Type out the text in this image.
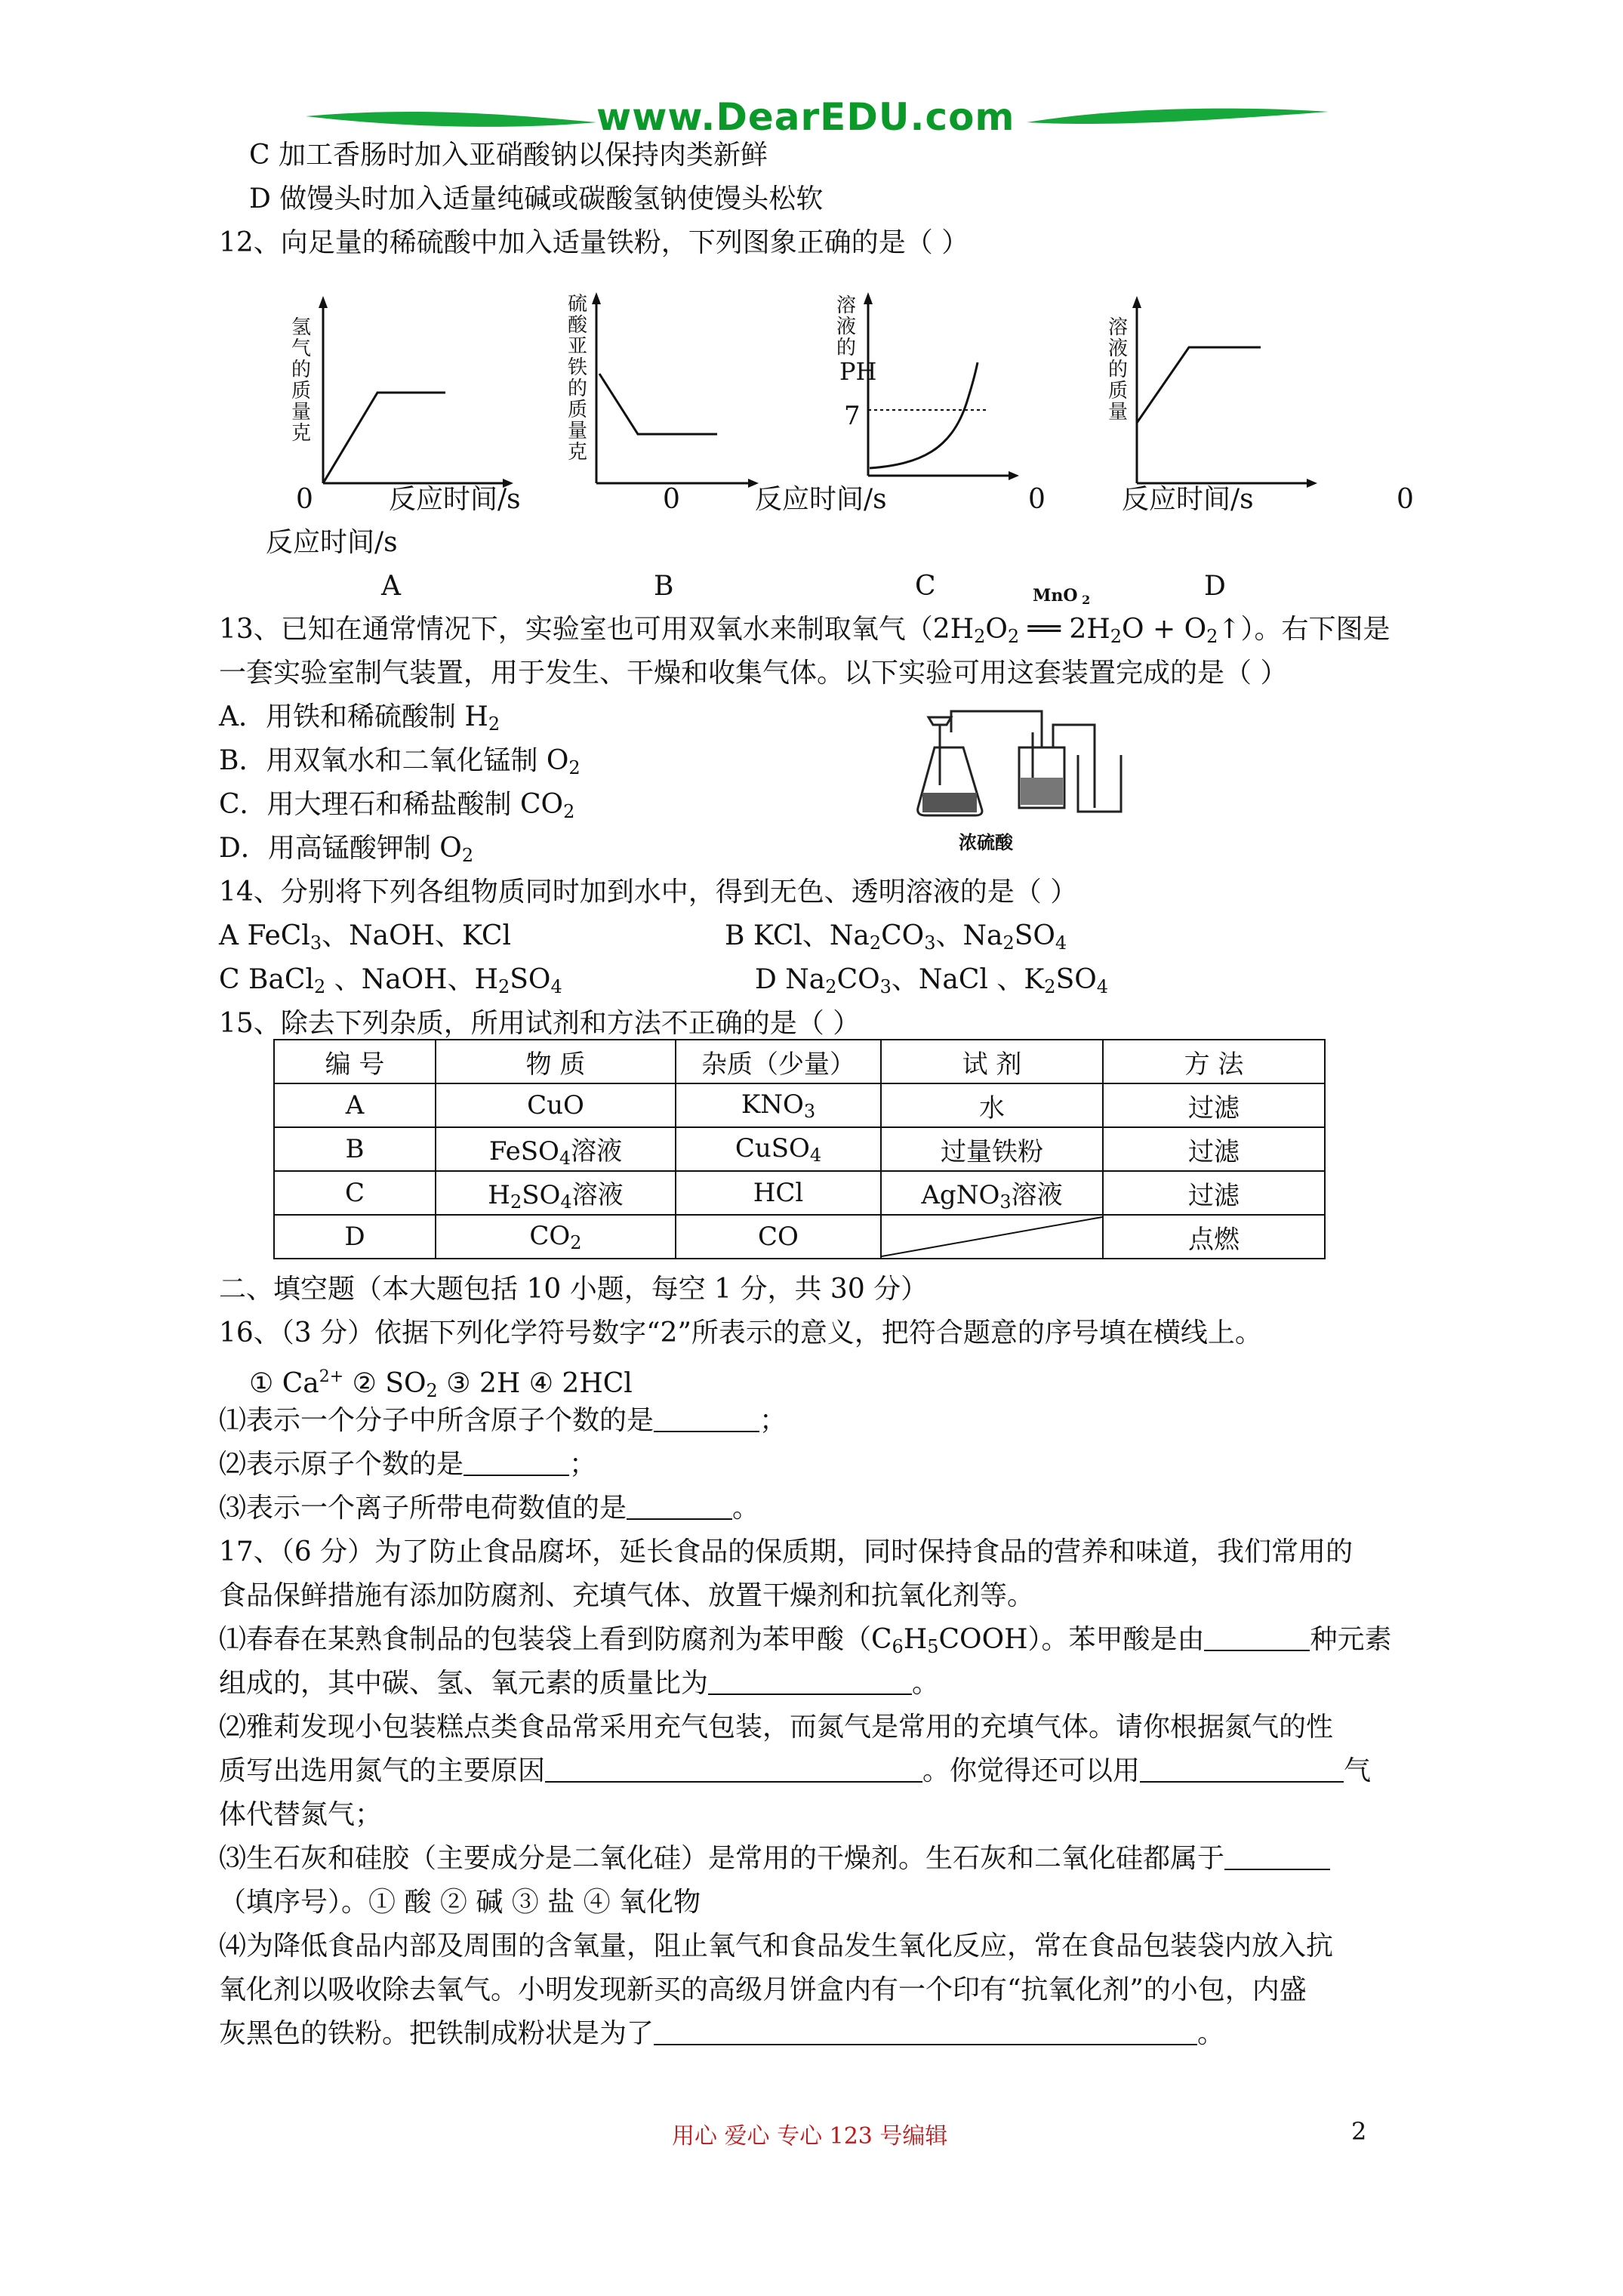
www.DearEDU.com
C 加工香肠时加入亚硝酸钠以保持肉类新鲜
D 做馒头时加入适量纯碱或碳酸氢钠使馒头松软
12、向足量的稀硫酸中加入适量铁粉，下列图象正确的是（ ）
氢气的质量克
硫酸亚铁的质量克
溶液的
PH
7
溶液的质量
0	反应时间/s	0	反应时间/s	0	反应时间/s	0
反应时间/s
A	B	C	D
MnO 2
13、已知在通常情况下，实验室也可用双氧水来制取氧气（$2H_2O_2$ ══ $2H_2O$ + $O_2↑$）。右下图是
一套实验室制气装置，用于发生、干燥和收集气体。以下实验可用这套装置完成的是（ ）
A．用铁和稀硫酸制 $H_2$
B．用双氧水和二氧化锰制 $O_2$
C．用大理石和稀盐酸制 $CO_2$
D．用高锰酸钾制 $O_2$
浓硫酸
14、分别将下列各组物质同时加到水中，得到无色、透明溶液的是（ ）
A FeCl$_3$、NaOH、KCl	B KCl、$Na_2CO_3$、$Na_2SO_4$
C BaCl$_2$ 、NaOH、$H_2SO_4$	D $Na_2CO_3$、NaCl 、$K_2SO_4$
15、除去下列杂质，所用试剂和方法不正确的是（ ）
编 号	物 质	杂质（少量）	试 剂	方 法
A	CuO	$KNO_3$	水	过滤
B	FeSO$_4$溶液	CuSO$_4$	过量铁粉	过滤
C	$H_2SO_4$溶液	HCl	AgNO$_3$溶液	过滤
D	$CO_2$	CO		点燃
二、填空题（本大题包括 10 小题，每空 1 分，共 30 分）
16、（3 分）依据下列化学符号数字“2”所表示的意义，把符合题意的序号填在横线上。
① $Ca^{2+}$ ② $SO_2$ ③ 2H ④ 2HCl
⑴表示一个分子中所含原子个数的是	；
⑵表示原子个数的是	；
⑶表示一个离子所带电荷数值的是	。
17、（6 分）为了防止食品腐坏，延长食品的保质期，同时保持食品的营养和味道，我们常用的
食品保鲜措施有添加防腐剂、充填气体、放置干燥剂和抗氧化剂等。
⑴春春在某熟食制品的包装袋上看到防腐剂为苯甲酸$(C_6H_5COOH)$。苯甲酸是由	种元素
组成的，其中碳、氢、氧元素的质量比为	。
⑵雅莉发现小包装糕点类食品常采用充气包装，而氮气是常用的充填气体。请你根据氮气的性
质写出选用氮气的主要原因	。你觉得还可以用	气
体代替氮气；
⑶生石灰和硅胶（主要成分是二氧化硅）是常用的干燥剂。生石灰和二氧化硅都属于
（填序号）。① 酸 ② 碱 ③ 盐 ④ 氧化物
⑷为降低食品内部及周围的含氧量，阻止氧气和食品发生氧化反应，常在食品包装袋内放入抗
氧化剂以吸收除去氧气。小明发现新买的高级月饼盒内有一个印有“抗氧化剂”的小包，内盛
灰黑色的铁粉。把铁制成粉状是为了	。
用心 爱心 专心 123 号编辑	2
